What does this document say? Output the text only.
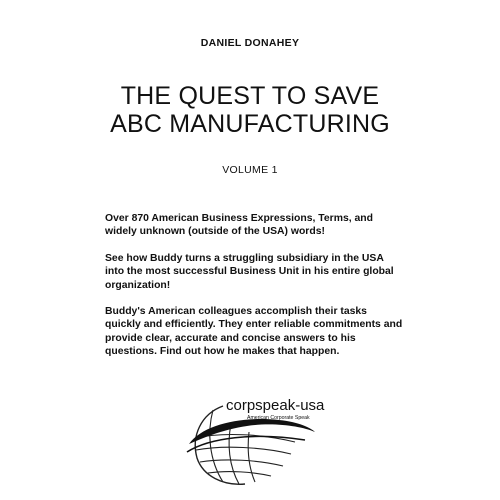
DANIEL DONAHEY
THE QUEST TO SAVE
ABC MANUFACTURING
VOLUME 1

Over 870 American Business Expressions, Terms, and widely unknown (outside of the USA) words!

See how Buddy turns a struggling subsidiary in the USA into the most successful Business Unit in his entire global organization!

Buddy's American colleagues accomplish their tasks quickly and efficiently. They enter reliable commitments and provide clear, accurate and concise answers to his questions. Find out how he makes that happen.

corpspeak-usa
American Corporate Speak
